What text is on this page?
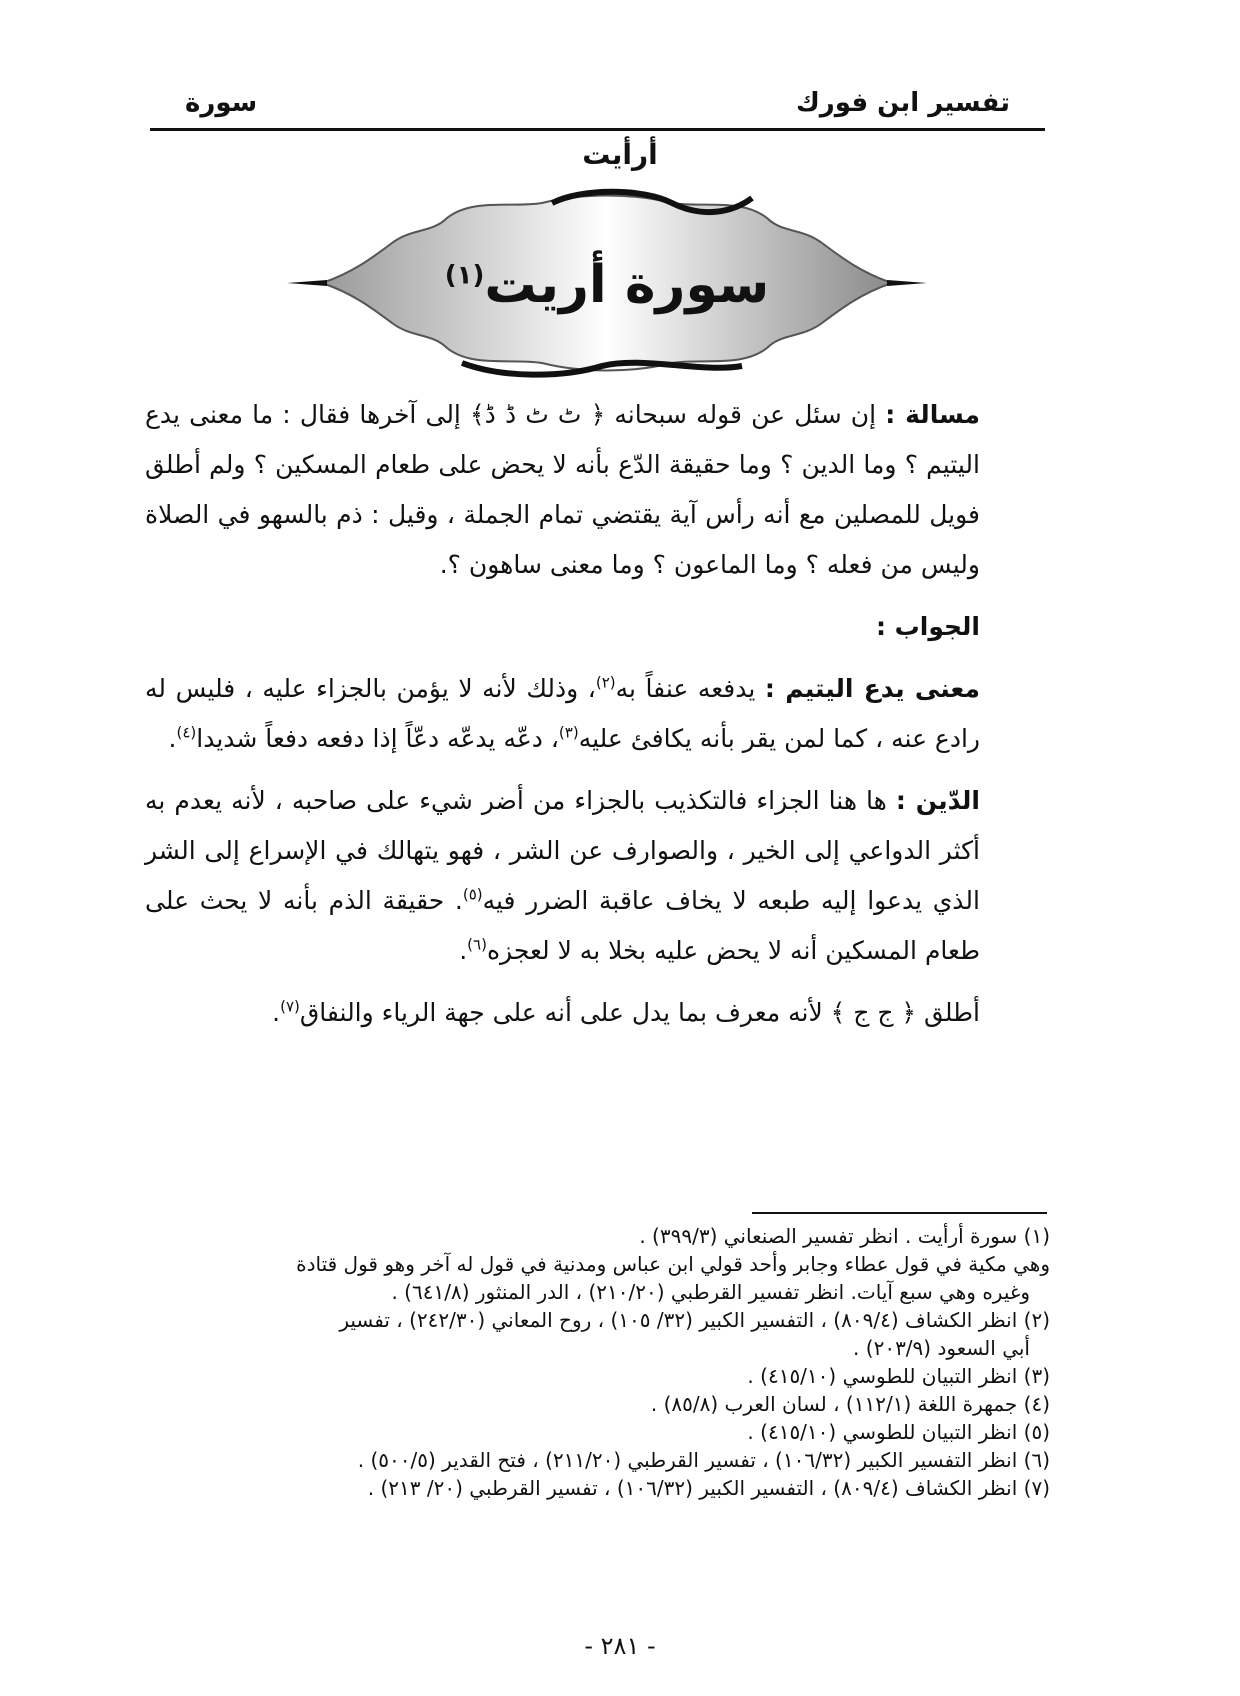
تفسير ابن فورك
سورة
أرأيت
سورة أريت$^{(١)}$

مسالة : إن سئل عن قوله سبحانه ﴿ ٹ ٹ ڈ ڈ﴾ إلى آخرها فقال : ما معنى يدع اليتيم ؟ وما الدين ؟ وما حقيقة الدّع بأنه لا يحض على طعام المسكين ؟ ولم أطلق فويل للمصلين مع أنه رأس آية يقتضي تمام الجملة ، وقيل : ذم بالسهو في الصلاة وليس من فعله ؟ وما الماعون ؟ وما معنى ساهون ؟.

الجواب :

معنى يدع اليتيم : يدفعه عنفاً به$^{(٢)}$، وذلك لأنه لا يؤمن بالجزاء عليه ، فليس له رادع عنه ، كما لمن يقر بأنه يكافئ عليه$^{(٣)}$، دعّه يدعّه دعّاً إذا دفعه دفعاً شديدا$^{(٤)}$.

الدّين : ها هنا الجزاء فالتكذيب بالجزاء من أضر شيء على صاحبه ، لأنه يعدم به أكثر الدواعي إلى الخير ، والصوارف عن الشر ، فهو يتهالك في الإسراع إلى الشر الذي يدعوا إليه طبعه لا يخاف عاقبة الضرر فيه$^{(٥)}$. حقيقة الذم بأنه لا يحث على طعام المسكين أنه لا يحض عليه بخلا به لا لعجزه$^{(٦)}$.

أطلق ﴿ ج ج ﴾ لأنه معرف بما يدل على أنه على جهة الرياء والنفاق$^{(٧)}$.

(١) سورة أرأيت . انظر تفسير الصنعاني (٣٩٩/٣) .
وهي مكية في قول عطاء وجابر وأحد قولي ابن عباس ومدنية في قول له آخر وهو قول قتادة
وغيره وهي سبع آيات. انظر تفسير القرطبي (٢١٠/٢٠) ، الدر المنثور (٦٤١/٨) .
(٢) انظر الكشاف (٨٠٩/٤) ، التفسير الكبير (٣٢/ ١٠٥) ، روح المعاني (٢٤٢/٣٠) ، تفسير
أبي السعود (٢٠٣/٩) .
(٣) انظر التبيان للطوسي (٤١٥/١٠) .
(٤) جمهرة اللغة (١١٢/١) ، لسان العرب (٨٥/٨) .
(٥) انظر التبيان للطوسي (٤١٥/١٠) .
(٦) انظر التفسير الكبير (١٠٦/٣٢) ، تفسير القرطبي (٢١١/٢٠) ، فتح القدير (٥٠٠/٥) .
(٧) انظر الكشاف (٨٠٩/٤) ، التفسير الكبير (١٠٦/٣٢) ، تفسير القرطبي (٢٠/ ٢١٣) .
- ٢٨١ -
